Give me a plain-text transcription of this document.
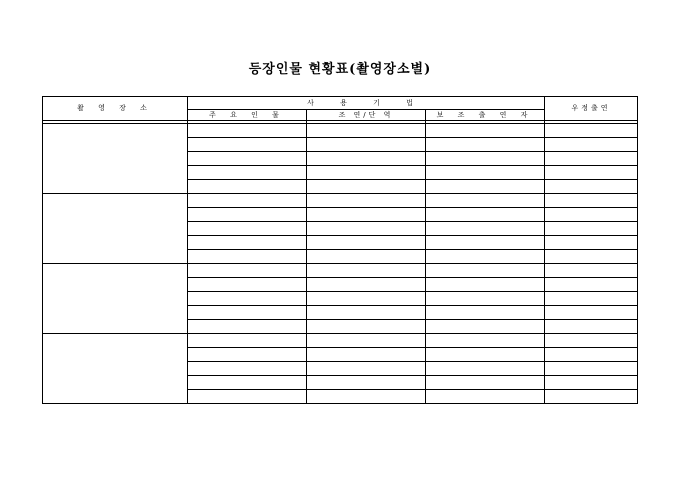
등장인물 현황표(촬영장소별)
촬 영 장 소	사 용 기 법			우정출연
	주 요 인 물	조 연/단 역	보 조 출 연 자	
